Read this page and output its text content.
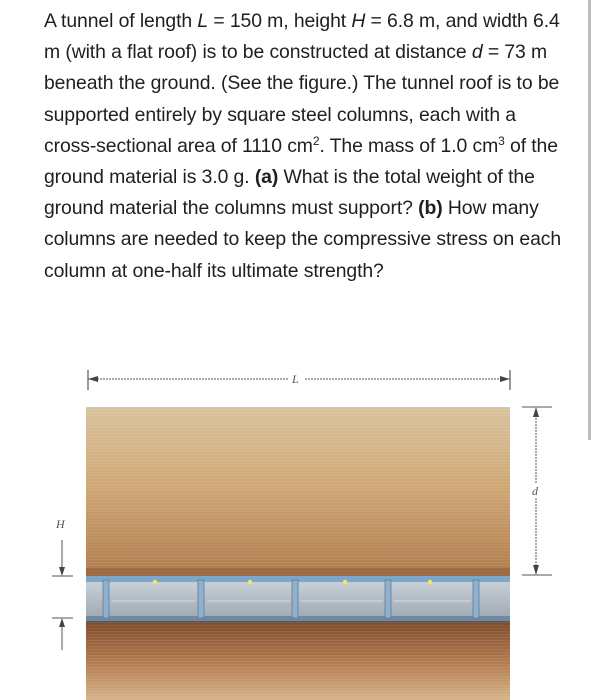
A tunnel of length L = 150 m, height H = 6.8 m, and width 6.4 m (with a flat roof) is to be constructed at distance d = 73 m beneath the ground. (See the figure.) The tunnel roof is to be supported entirely by square steel columns, each with a cross-sectional area of 1110 $cm^2$. The mass of 1.0 $cm^3$ of the ground material is 3.0 g. (a) What is the total weight of the ground material the columns must support? (b) How many columns are needed to keep the compressive stress on each column at one-half its ultimate strength?
L
d
H
